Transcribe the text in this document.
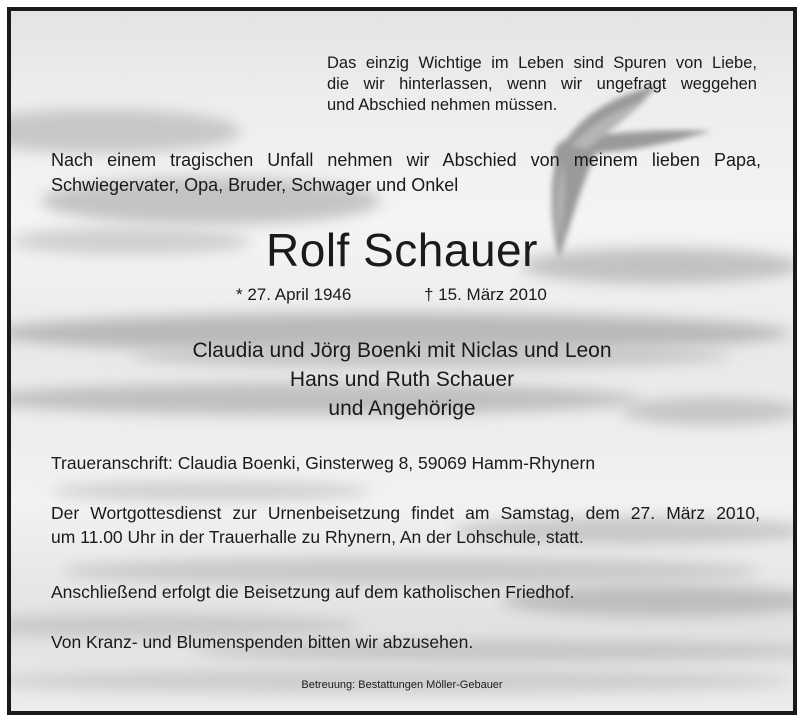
Das einzig Wichtige im Leben sind Spuren von Liebe,
die wir hinterlassen, wenn wir ungefragt weggehen
und Abschied nehmen müssen.

Nach einem tragischen Unfall nehmen wir Abschied von meinem lieben Papa,
Schwiegervater, Opa, Bruder, Schwager und Onkel

Rolf Schauer

* 27. April 1946	† 15. März 2010

Claudia und Jörg Boenki mit Niclas und Leon
Hans und Ruth Schauer
und Angehörige

Traueranschrift: Claudia Boenki, Ginsterweg 8, 59069 Hamm-Rhynern

Der Wortgottesdienst zur Urnenbeisetzung findet am Samstag, dem 27. März 2010,
um 11.00 Uhr in der Trauerhalle zu Rhynern, An der Lohschule, statt.

Anschließend erfolgt die Beisetzung auf dem katholischen Friedhof.

Von Kranz- und Blumenspenden bitten wir abzusehen.

Betreuung: Bestattungen Möller-Gebauer
